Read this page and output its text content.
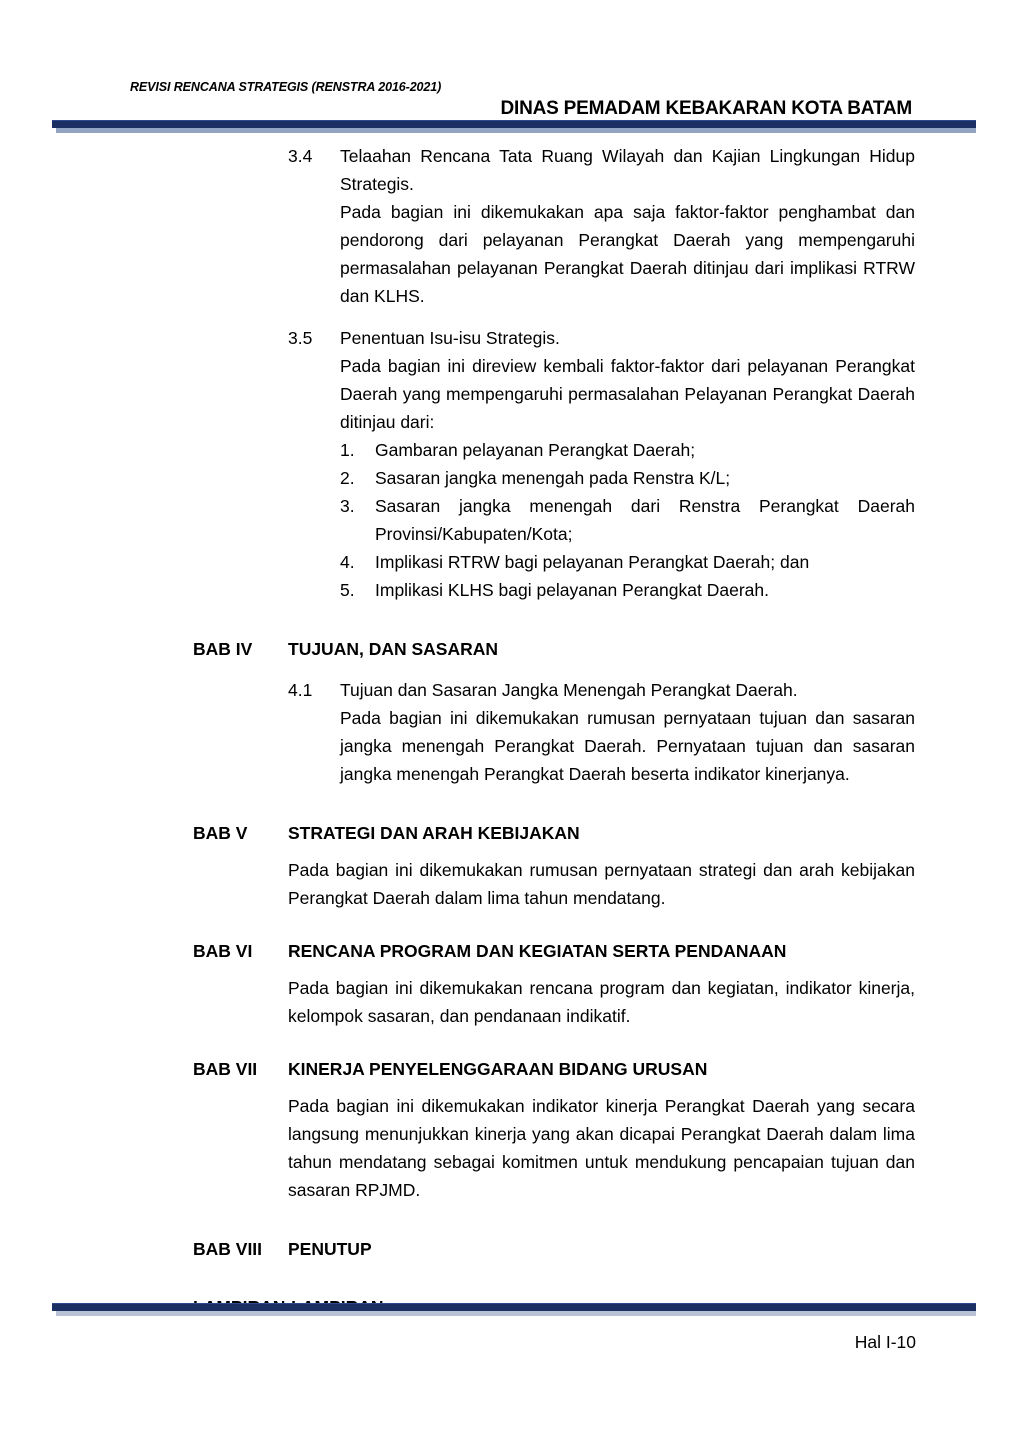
REVISI RENCANA STRATEGIS (RENSTRA 2016-2021)
DINAS PEMADAM KEBAKARAN KOTA BATAM
3.4 Telaahan Rencana Tata Ruang Wilayah dan Kajian Lingkungan Hidup Strategis.

Pada bagian ini dikemukakan apa saja faktor-faktor penghambat dan pendorong dari pelayanan Perangkat Daerah yang mempengaruhi permasalahan pelayanan Perangkat Daerah ditinjau dari implikasi RTRW dan KLHS.

3.5 Penentuan Isu-isu Strategis.

Pada bagian ini direview kembali faktor-faktor dari pelayanan Perangkat Daerah yang mempengaruhi permasalahan Pelayanan Perangkat Daerah ditinjau dari:

1. Gambaran pelayanan Perangkat Daerah;
2. Sasaran jangka menengah pada Renstra K/L;
3. Sasaran jangka menengah dari Renstra Perangkat Daerah Provinsi/Kabupaten/Kota;
4. Implikasi RTRW bagi pelayanan Perangkat Daerah; dan
5. Implikasi KLHS bagi pelayanan Perangkat Daerah.
BAB IV TUJUAN, DAN SASARAN
4.1 Tujuan dan Sasaran Jangka Menengah Perangkat Daerah.

Pada bagian ini dikemukakan rumusan pernyataan tujuan dan sasaran jangka menengah Perangkat Daerah. Pernyataan tujuan dan sasaran jangka menengah Perangkat Daerah beserta indikator kinerjanya.

BAB V STRATEGI DAN ARAH KEBIJAKAN

Pada bagian ini dikemukakan rumusan pernyataan strategi dan arah kebijakan Perangkat Daerah dalam lima tahun mendatang.

BAB VI RENCANA PROGRAM DAN KEGIATAN SERTA PENDANAAN

Pada bagian ini dikemukakan rencana program dan kegiatan, indikator kinerja, kelompok sasaran, dan pendanaan indikatif.

BAB VII KINERJA PENYELENGGARAAN BIDANG URUSAN

Pada bagian ini dikemukakan indikator kinerja Perangkat Daerah yang secara langsung menunjukkan kinerja yang akan dicapai Perangkat Daerah dalam lima tahun mendatang sebagai komitmen untuk mendukung pencapaian tujuan dan sasaran RPJMD.

BAB VIII PENUTUP
Hal I-10
